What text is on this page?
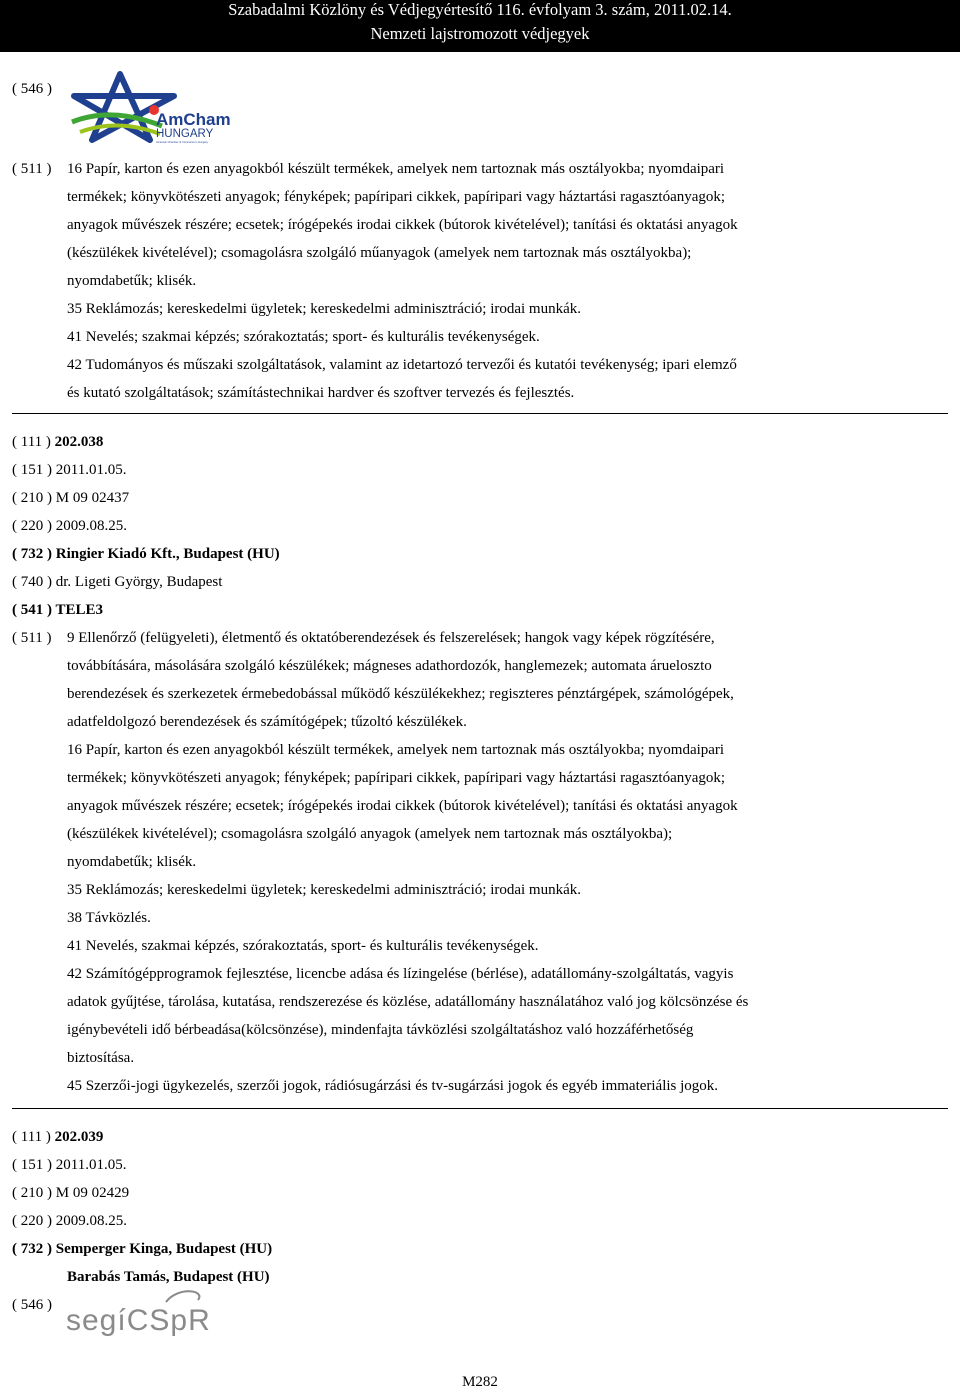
Szabadalmi Közlöny és Védjegyértesítő 116. évfolyam 3. szám, 2011.02.14.
Nemzeti lajstromozott védjegyek
( 546 )
AmCham
HUNGARY
American Chamber of Commerce in Hungary
( 511 ) 16 Papír, karton és ezen anyagokból készült termékek, amelyek nem tartoznak más osztályokba; nyomdaipari
termékek; könyvkötészeti anyagok; fényképek; papíripari cikkek, papíripari vagy háztartási ragasztóanyagok;
anyagok művészek részére; ecsetek; írógépekés irodai cikkek (bútorok kivételével); tanítási és oktatási anyagok
(készülékek kivételével); csomagolásra szolgáló műanyagok (amelyek nem tartoznak más osztályokba);
nyomdabetűk; klisék.
35 Reklámozás; kereskedelmi ügyletek; kereskedelmi adminisztráció; irodai munkák.
41 Nevelés; szakmai képzés; szórakoztatás; sport- és kulturális tevékenységek.
42 Tudományos és műszaki szolgáltatások, valamint az idetartozó tervezői és kutatói tevékenység; ipari elemző
és kutató szolgáltatások; számítástechnikai hardver és szoftver tervezés és fejlesztés.
( 111 ) 202.038
( 151 ) 2011.01.05.
( 210 ) M 09 02437
( 220 ) 2009.08.25.
( 732 ) Ringier Kiadó Kft., Budapest (HU)
( 740 ) dr. Ligeti György, Budapest
( 541 ) TELE3
( 511 ) 9 Ellenőrző (felügyeleti), életmentő és oktatóberendezések és felszerelések; hangok vagy képek rögzítésére,
továbbítására, másolására szolgáló készülékek; mágneses adathordozók, hanglemezek; automata árueloszto
berendezések és szerkezetek érmebedobással működő készülékekhez; regiszteres pénztárgépek, számológépek,
adatfeldolgozó berendezések és számítógépek; tűzoltó készülékek.
16 Papír, karton és ezen anyagokból készült termékek, amelyek nem tartoznak más osztályokba; nyomdaipari
termékek; könyvkötészeti anyagok; fényképek; papíripari cikkek, papíripari vagy háztartási ragasztóanyagok;
anyagok művészek részére; ecsetek; írógépekés irodai cikkek (bútorok kivételével); tanítási és oktatási anyagok
(készülékek kivételével); csomagolásra szolgáló anyagok (amelyek nem tartoznak más osztályokba);
nyomdabetűk; klisék.
35 Reklámozás; kereskedelmi ügyletek; kereskedelmi adminisztráció; irodai munkák.
38 Távközlés.
41 Nevelés, szakmai képzés, szórakoztatás, sport- és kulturális tevékenységek.
42 Számítógépprogramok fejlesztése, licencbe adása és lízingelése (bérlése), adatállomány-szolgáltatás, vagyis
adatok gyűjtése, tárolása, kutatása, rendszerezése és közlése, adatállomány használatához való jog kölcsönzése és
igénybevételi idő bérbeadása(kölcsönzése), mindenfajta távközlési szolgáltatáshoz való hozzáférhetőség
biztosítása.
45 Szerzői-jogi ügykezelés, szerzői jogok, rádiósugárzási és tv-sugárzási jogok és egyéb immateriális jogok.
( 111 ) 202.039
( 151 ) 2011.01.05.
( 210 ) M 09 02429
( 220 ) 2009.08.25.
( 732 ) Semperger Kinga, Budapest (HU)
Barabás Tamás, Budapest (HU)
( 546 ) segíCSpR
M282
